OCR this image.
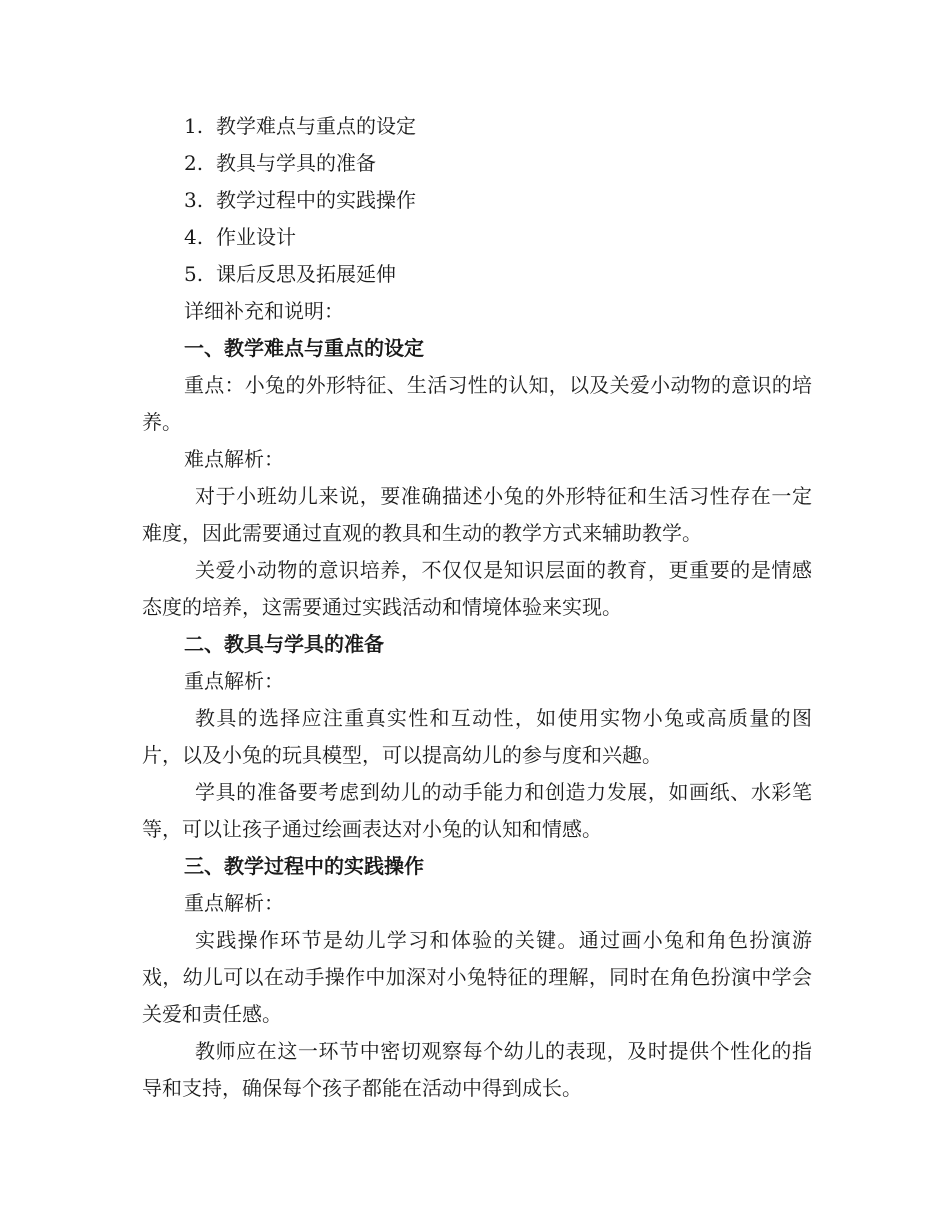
1. 教学难点与重点的设定
2. 教具与学具的准备
3. 教学过程中的实践操作
4. 作业设计
5. 课后反思及拓展延伸
详细补充和说明：
一、教学难点与重点的设定
重点：小兔的外形特征、生活习性的认知，以及关爱小动物的意识的培养。
难点解析：
对于小班幼儿来说，要准确描述小兔的外形特征和生活习性存在一定难度，因此需要通过直观的教具和生动的教学方式来辅助教学。
关爱小动物的意识培养，不仅仅是知识层面的教育，更重要的是情感态度的培养，这需要通过实践活动和情境体验来实现。
二、教具与学具的准备
重点解析：
教具的选择应注重真实性和互动性，如使用实物小兔或高质量的图片，以及小兔的玩具模型，可以提高幼儿的参与度和兴趣。
学具的准备要考虑到幼儿的动手能力和创造力发展，如画纸、水彩笔等，可以让孩子通过绘画表达对小兔的认知和情感。
三、教学过程中的实践操作
重点解析：
实践操作环节是幼儿学习和体验的关键。通过画小兔和角色扮演游戏，幼儿可以在动手操作中加深对小兔特征的理解，同时在角色扮演中学会关爱和责任感。
教师应在这一环节中密切观察每个幼儿的表现，及时提供个性化的指导和支持，确保每个孩子都能在活动中得到成长。
